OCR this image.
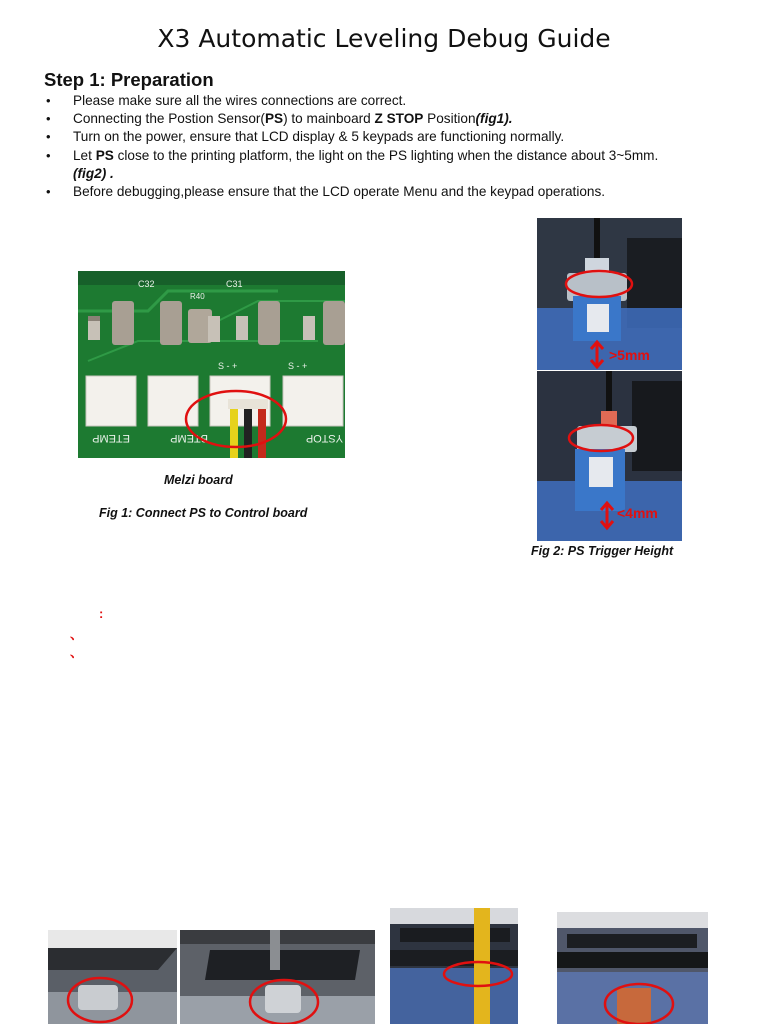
X3 Automatic Leveling Debug Guide
Step 1: Preparation
• Please make sure all the wires connections are correct.
• Connecting the Postion Sensor(PS) to mainboard Z STOP Position(fig1).
• Turn on the power, ensure that LCD display & 5 keypads are functioning normally.
• Let PS close to the printing platform, the light on the PS lighting when the distance about 3~5mm.(fig2) .
• Before debugging,please ensure that the LCD operate Menu and the keypad operations.
C32	C31
R40
S - +	S - +
ETEMP	BTEMP	YSTOP
Melzi board
Fig 1: Connect PS to Control board
>5mm
<4mm
Fig 2: PS Trigger Height
:
、
、
